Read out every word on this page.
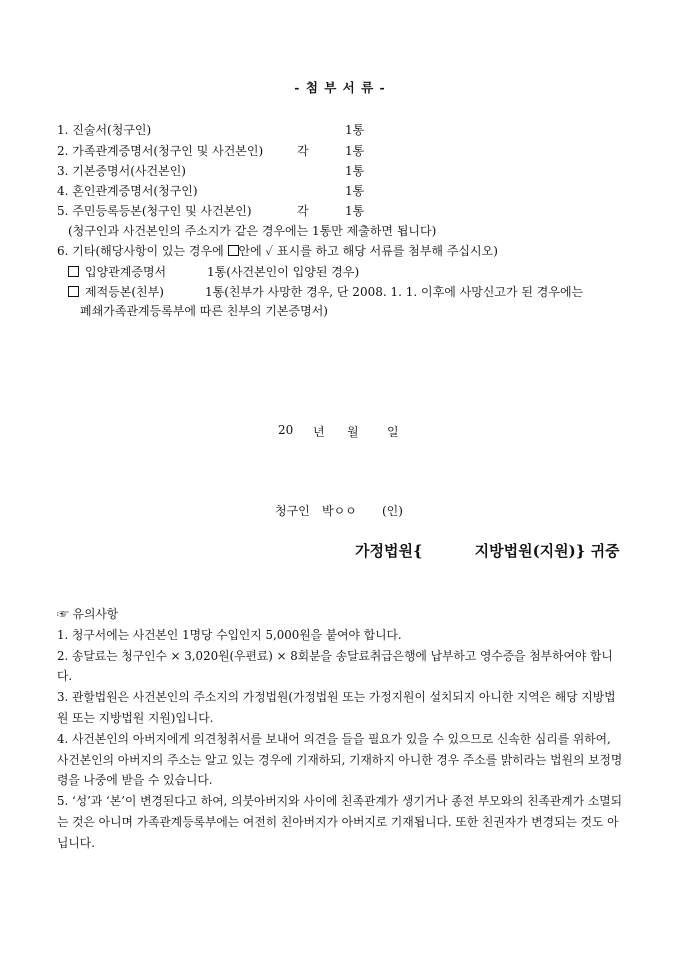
- 첨 부 서 류 -
1. 진술서(청구인)	1통
2. 가족관계증명서(청구인 및 사건본인)	각	1통
3. 기본증명서(사건본인)	1통
4. 혼인관계증명서(청구인)	1통
5. 주민등록등본(청구인 및 사건본인)	각	1통
(청구인과 사건본인의 주소지가 같은 경우에는 1통만 제출하면 됩니다)
6. 기타(해당사항이 있는 경우에 안에 ✓ 표시를 하고 해당 서류를 첨부해 주십시오)
입양관계증명서	1통(사건본인이 입양된 경우)
제적등본(친부)	1통(친부가 사망한 경우, 단 2008. 1. 1. 이후에 사망신고가 된 경우에는
폐쇄가족관계등록부에 따른 친부의 기본증명서)
20 년 월 일
청구인 박ㅇㅇ (인)
가정법원{	지방법원(지원)} 귀중

☞ 유의사항

1. 청구서에는 사건본인 1명당 수입인지 5,000원을 붙여야 합니다.

2. 송달료는 청구인수 × 3,020원(우편료) × 8회분을 송달료취급은행에 납부하고 영수증을 첨부하여야 합니다.

3. 관할법원은 사건본인의 주소지의 가정법원(가정법원 또는 가정지원이 설치되지 아니한 지역은 해당 지방법원 또는 지방법원 지원)입니다.

4. 사건본인의 아버지에게 의견청취서를 보내어 의견을 들을 필요가 있을 수 있으므로 신속한 심리를 위하여, 사건본인의 아버지의 주소는 알고 있는 경우에 기재하되, 기재하지 아니한 경우 주소를 밝히라는 법원의 보정명령을 나중에 받을 수 있습니다.

5. ‘성’과 ‘본’이 변경된다고 하여, 의붓아버지와 사이에 친족관계가 생기거나 종전 부모와의 친족관계가 소멸되는 것은 아니며 가족관계등록부에는 여전히 친아버지가 아버지로 기재됩니다. 또한 친권자가 변경되는 것도 아닙니다.
